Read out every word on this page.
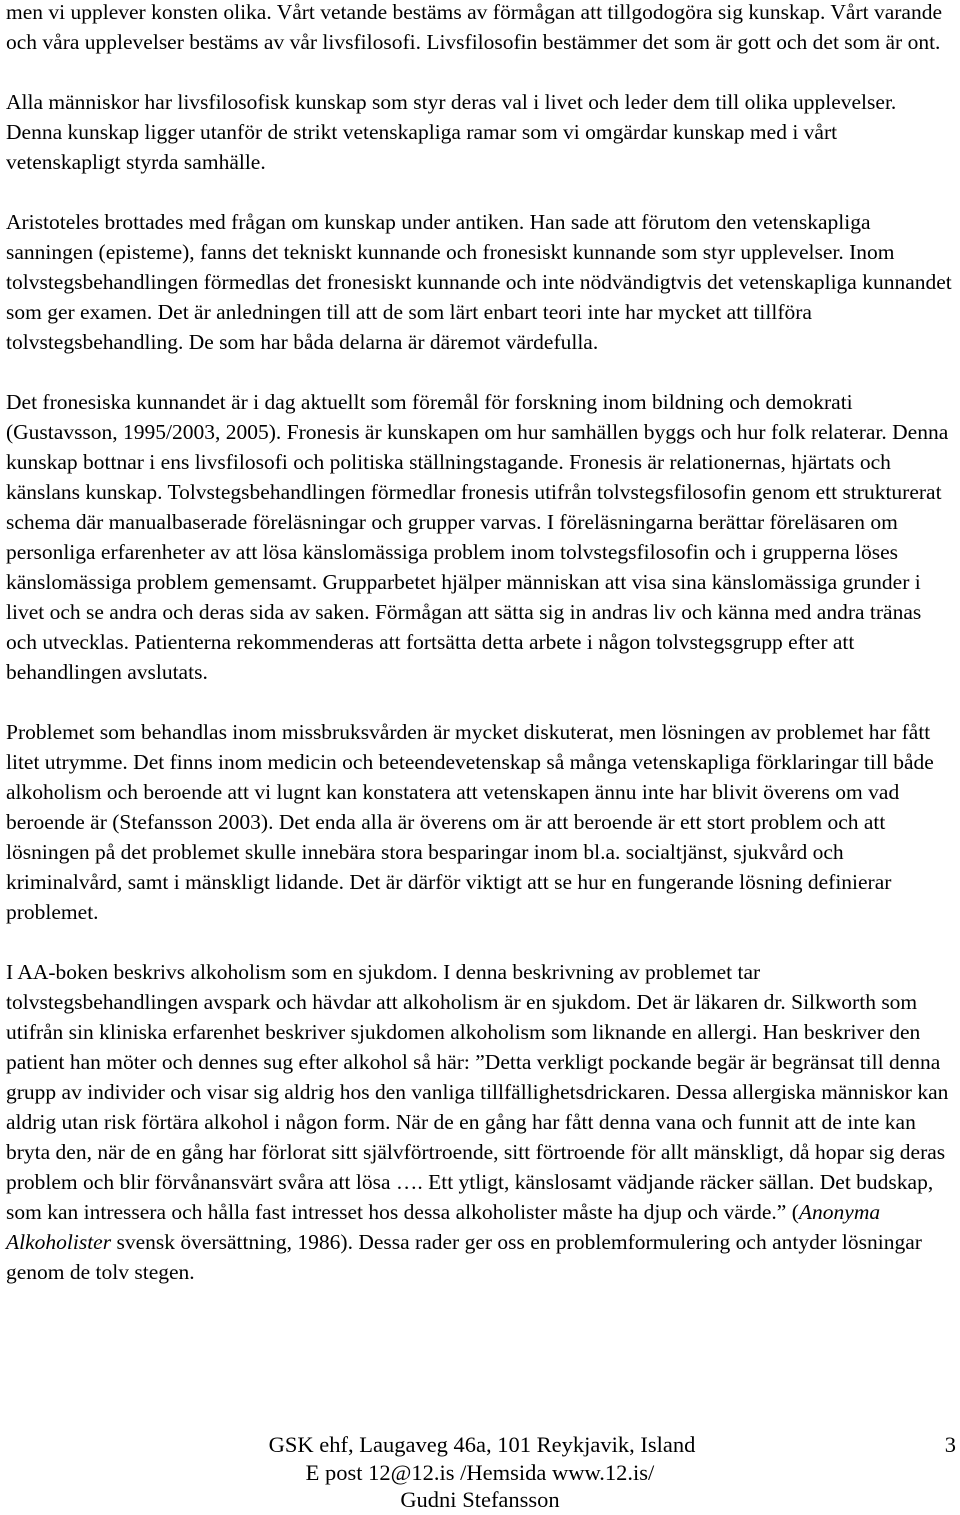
men vi upplever konsten olika. Vårt vetande bestäms av förmågan att tillgodogöra sig kunskap. Vårt varande och våra upplevelser bestäms av vår livsfilosofi. Livsfilosofin bestämmer det som är gott och det som är ont.

Alla människor har livsfilosofisk kunskap som styr deras val i livet och leder dem till olika upplevelser. Denna kunskap ligger utanför de strikt vetenskapliga ramar som vi omgärdar kunskap med i vårt vetenskapligt styrda samhälle.

Aristoteles brottades med frågan om kunskap under antiken. Han sade att förutom den vetenskapliga sanningen (episteme), fanns det tekniskt kunnande och fronesiskt kunnande som styr upplevelser. Inom tolvstegsbehandlingen förmedlas det fronesiskt kunnande och inte nödvändigtvis det vetenskapliga kunnandet som ger examen. Det är anledningen till att de som lärt enbart teori inte har mycket att tillföra tolvstegsbehandling. De som har båda delarna är däremot värdefulla.

Det fronesiska kunnandet är i dag aktuellt som föremål för forskning inom bildning och demokrati (Gustavsson, 1995/2003, 2005). Fronesis är kunskapen om hur samhällen byggs och hur folk relaterar. Denna kunskap bottnar i ens livsfilosofi och politiska ställningstagande. Fronesis är relationernas, hjärtats och känslans kunskap. Tolvstegsbehandlingen förmedlar fronesis utifrån tolvstegsfilosofin genom ett strukturerat schema där manualbaserade föreläsningar och grupper varvas. I föreläsningarna berättar föreläsaren om personliga erfarenheter av att lösa känslomässiga problem inom tolvstegsfilosofin och i grupperna löses känslomässiga problem gemensamt. Grupparbetet hjälper människan att visa sina känslomässiga grunder i livet och se andra och deras sida av saken. Förmågan att sätta sig in andras liv och känna med andra tränas och utvecklas. Patienterna rekommenderas att fortsätta detta arbete i någon tolvstegsgrupp efter att behandlingen avslutats.

Problemet som behandlas inom missbruksvården är mycket diskuterat, men lösningen av problemet har fått litet utrymme. Det finns inom medicin och beteendevetenskap så många vetenskapliga förklaringar till både alkoholism och beroende att vi lugnt kan konstatera att vetenskapen ännu inte har blivit överens om vad beroende är (Stefansson 2003). Det enda alla är överens om är att beroende är ett stort problem och att lösningen på det problemet skulle innebära stora besparingar inom bl.a. socialtjänst, sjukvård och kriminalvård, samt i mänskligt lidande. Det är därför viktigt att se hur en fungerande lösning definierar problemet.

I AA-boken beskrivs alkoholism som en sjukdom. I denna beskrivning av problemet tar tolvstegsbehandlingen avspark och hävdar att alkoholism är en sjukdom. Det är läkaren dr. Silkworth som utifrån sin kliniska erfarenhet beskriver sjukdomen alkoholism som liknande en allergi. Han beskriver den patient han möter och dennes sug efter alkohol så här: ”Detta verkligt pockande begär är begränsat till denna grupp av individer och visar sig aldrig hos den vanliga tillfällighetsdrickaren. Dessa allergiska människor kan aldrig utan risk förtära alkohol i någon form. När de en gång har fått denna vana och funnit att de inte kan bryta den, när de en gång har förlorat sitt självförtroende, sitt förtroende för allt mänskligt, då hopar sig deras problem och blir förvånansvärt svåra att lösa …. Ett ytligt, känslosamt vädjande räcker sällan. Det budskap, som kan intressera och hålla fast intresset hos dessa alkoholister måste ha djup och värde.” (Anonyma Alkoholister svensk översättning, 1986). Dessa rader ger oss en problemformulering och antyder lösningar genom de tolv stegen.

GSK ehf, Laugaveg 46a, 101 Reykjavik, Island
E post 12@12.is /Hemsida www.12.is/
Gudni Stefansson
3
